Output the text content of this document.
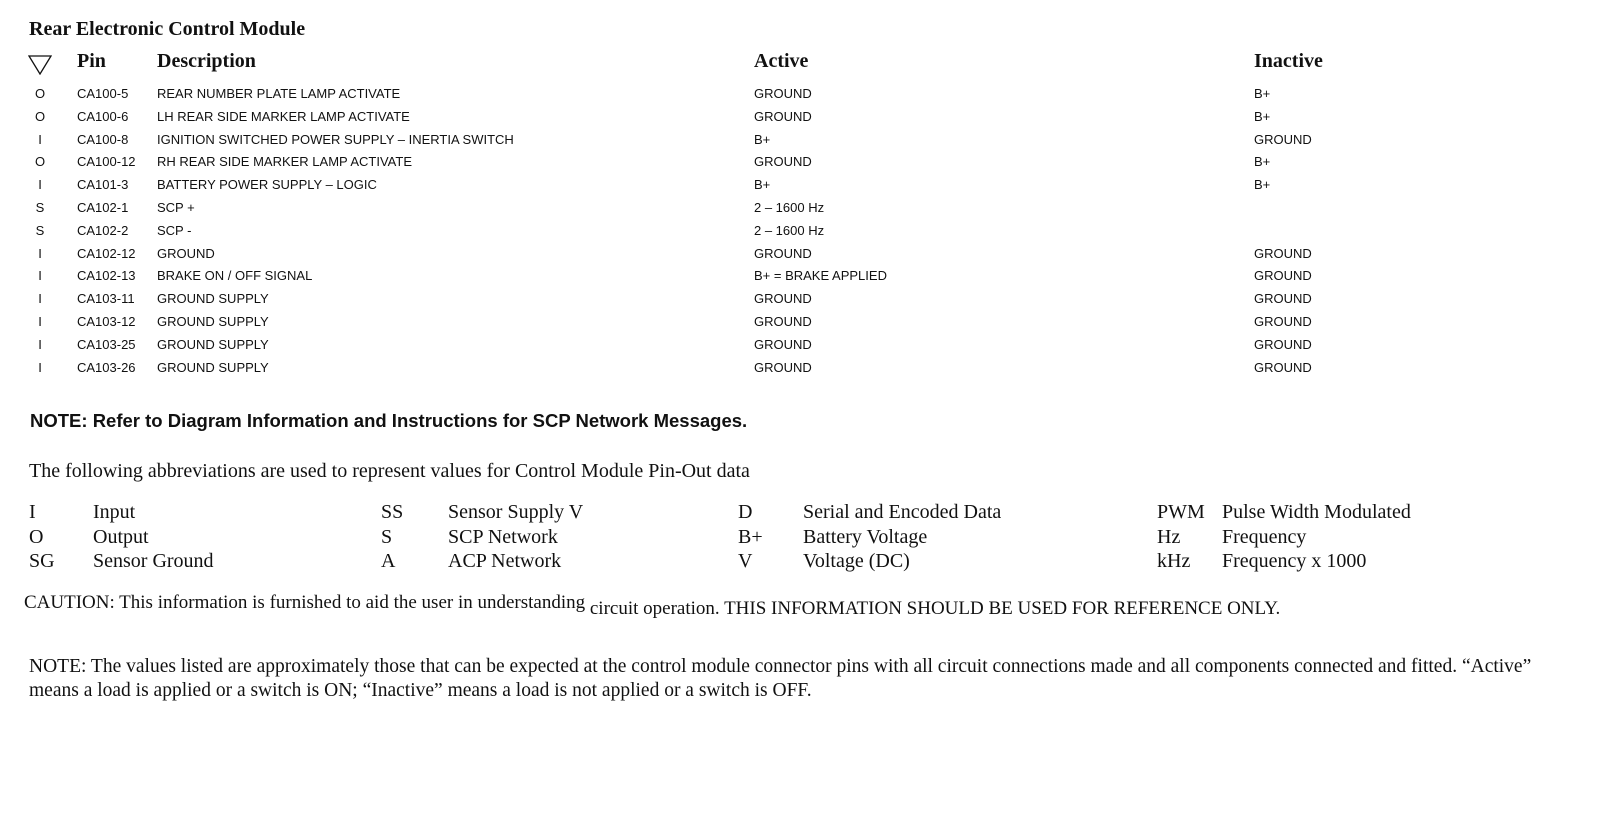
Rear Electronic Control Module
Pin	Description	Active	Inactive
O CA100-5 REAR NUMBER PLATE LAMP ACTIVATE	GROUND	B+
O CA100-6 LH REAR SIDE MARKER LAMP ACTIVATE	GROUND	B+
I	CA100-8 IGNITION SWITCHED POWER SUPPLY – INERTIA SWITCH	B+	GROUND
O CA100-12 RH REAR SIDE MARKER LAMP ACTIVATE	GROUND	B+
I	CA101-3 BATTERY POWER SUPPLY – LOGIC	B+	B+
S	CA102-1 SCP +	2 – 1600 Hz
S	CA102-2 SCP -	2 – 1600 Hz
I	CA102-12 GROUND	GROUND	GROUND
I	CA102-13 BRAKE ON / OFF SIGNAL	B+ = BRAKE APPLIED	GROUND
I	CA103-11 GROUND SUPPLY	GROUND	GROUND
I	CA103-12 GROUND SUPPLY	GROUND	GROUND
I	CA103-25 GROUND SUPPLY	GROUND	GROUND
I	CA103-26 GROUND SUPPLY	GROUND	GROUND
NOTE: Refer to Diagram Information and Instructions for SCP Network Messages.
The following abbreviations are used to represent values for Control Module Pin-Out data
I	Input	SS Sensor Supply V	D	Serial and Encoded Data	PWM Pulse Width Modulated
O Output	S	SCP Network	B+ Battery Voltage	Hz Frequency
SG Sensor Ground	A	ACP Network	V	Voltage (DC)	kHz Frequency x 1000
CAUTION: This information is furnished to aid the user in understanding circuit operation. THIS INFORMATION SHOULD BE USED FOR REFERENCE ONLY.
NOTE: The values listed are approximately those that can be expected at the control module connector pins with all circuit connections made and all components connected and fitted. “Active” means a load is applied or a switch is ON; “Inactive” means a load is not applied or a switch is OFF.
